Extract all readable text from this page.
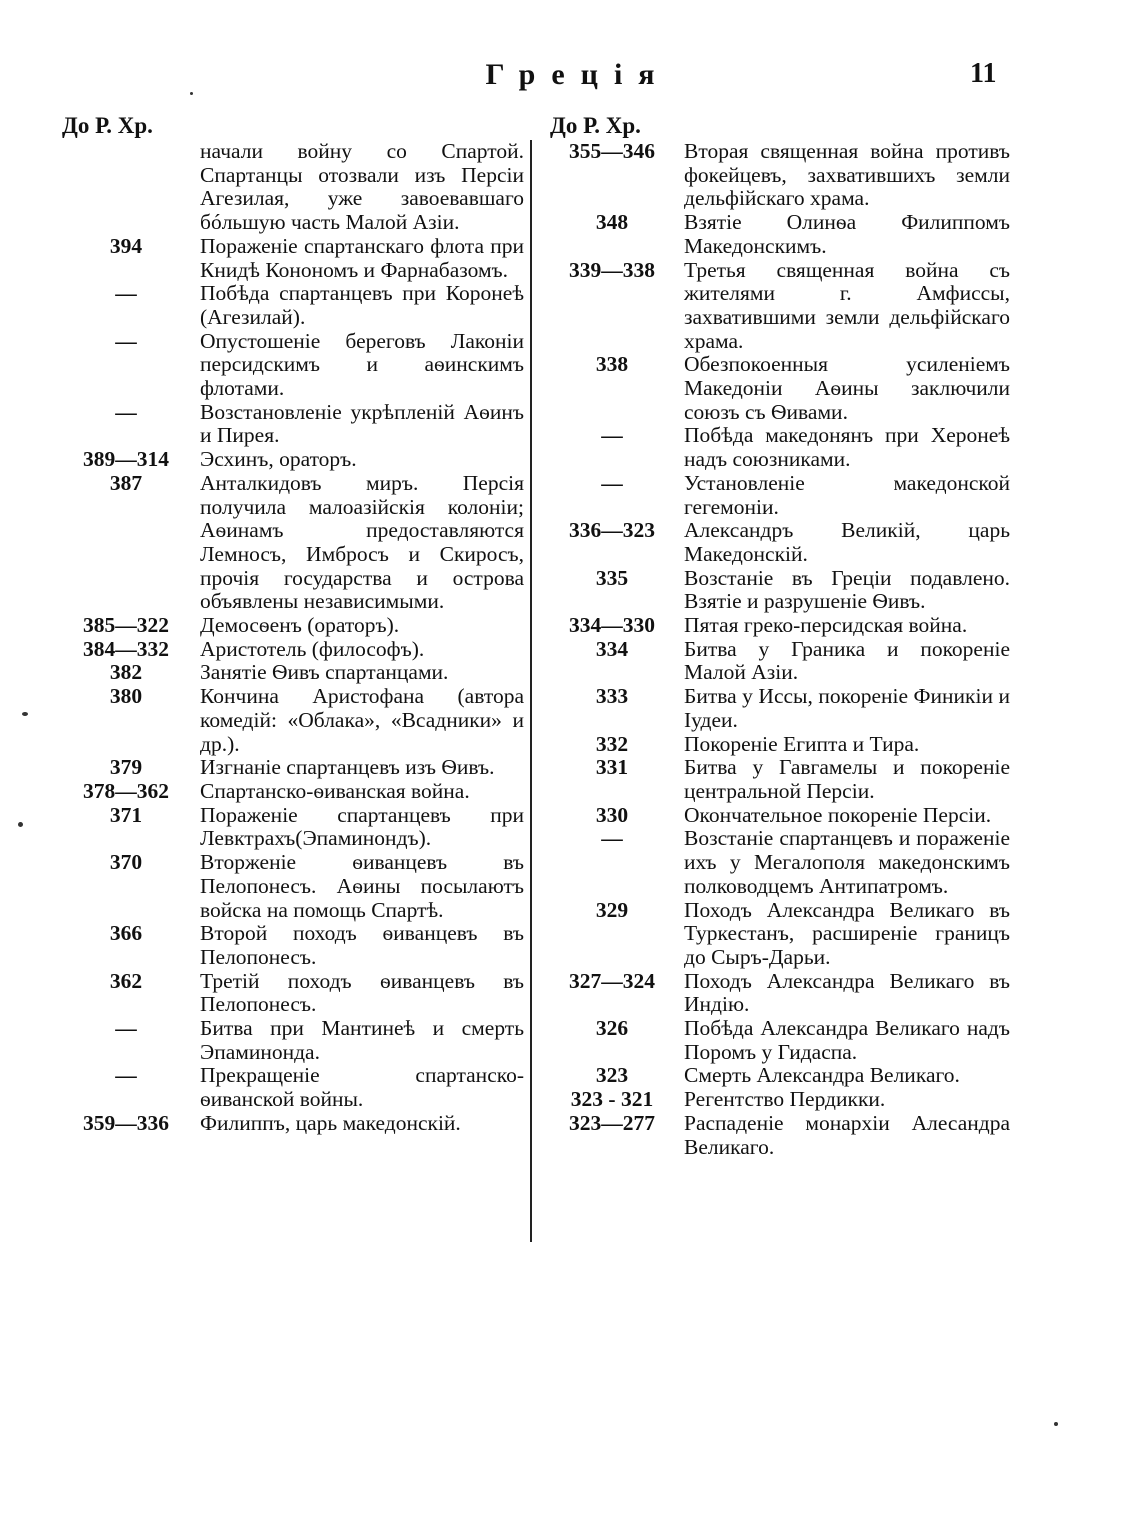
Греція	11
До Р. Хр.
	начали войну со Спартой. Спартанцы отозвали изъ Персіи Агезилая, уже завоевавшаго бóльшую часть Малой Азіи.
394	Пораженіе спартанскаго флота при Книдѣ Конономъ и Фарнабазомъ.
—	Побѣда спартанцевъ при Коронеѣ (Агезилай).
—	Опустошеніе береговъ Лаконіи персидскимъ и аѳинскимъ флотами.
—	Возстановленіе укрѣпленій Аѳинъ и Пирея.
389—314	Эсхинъ, ораторъ.
387	Анталкидовъ миръ. Персія получила малоазійскія колоніи; Аѳинамъ предоставляются Лемносъ, Имбросъ и Скиросъ, прочія государства и острова объявлены независимыми.
385—322	Демосѳенъ (ораторъ).
384—332	Аристотель (философъ).
382	Занятіе Ѳивъ спартанцами.
380	Кончина Аристофана (автора комедій: «Облака», «Всадники» и др.).
379	Изгнаніе спартанцевъ изъ Ѳивъ.
378—362	Спартанско-ѳиванская война.
371	Пораженіе спартанцевъ при Левктрахъ(Эпаминондъ).
370	Вторженіе ѳиванцевъ въ Пелопонесъ. Аѳины посылаютъ войска на помощь Спартѣ.
366	Второй походъ ѳиванцевъ въ Пелопонесъ.
362	Третій походъ ѳиванцевъ въ Пелопонесъ.
—	Битва при Мантинеѣ и смерть Эпаминонда.
—	Прекращеніе спартанско-ѳиванской войны.
359—336	Филиппъ, царь македонскій.
До Р. Хр.
355—346	Вторая священная война противъ фокейцевъ, захватившихъ земли дельфійскаго храма.
348	Взятіе Олинѳа Филиппомъ Македонскимъ.
339—338	Третья священная война съ жителями г. Амфиссы, захватившими земли дельфійскаго храма.
338	Обезпокоенныя усиленіемъ Македоніи Аѳины заключили союзъ съ Ѳивами.
—	Побѣда македонянъ при Херонеѣ надъ союзниками.
—	Установленіе македонской гегемоніи.
336—323	Александръ Великій, царь Македонскій.
335	Возстаніе въ Греціи подавлено. Взятіе и разрушеніе Ѳивъ.
334—330	Пятая греко-персидская война.
334	Битва у Граника и покореніе Малой Азіи.
333	Битва у Иссы, покореніе Финикіи и Іудеи.
332	Покореніе Египта и Тира.
331	Битва у Гавгамелы и покореніе центральной Персіи.
330	Окончательное покореніе Персіи.
—	Возстаніе спартанцевъ и пораженіе ихъ у Мегалополя македонскимъ полководцемъ Антипатромъ.
329	Походъ Александра Великаго въ Туркестанъ, расширеніе границъ до Сыръ-Дарьи.
327—324	Походъ Александра Великаго въ Индію.
326	Побѣда Александра Великаго надъ Поромъ у Гидаспа.
323	Смерть Александра Великаго.
323 - 321	Регентство Пердикки.
323—277	Распаденіе монархіи Алесандра Великаго.
